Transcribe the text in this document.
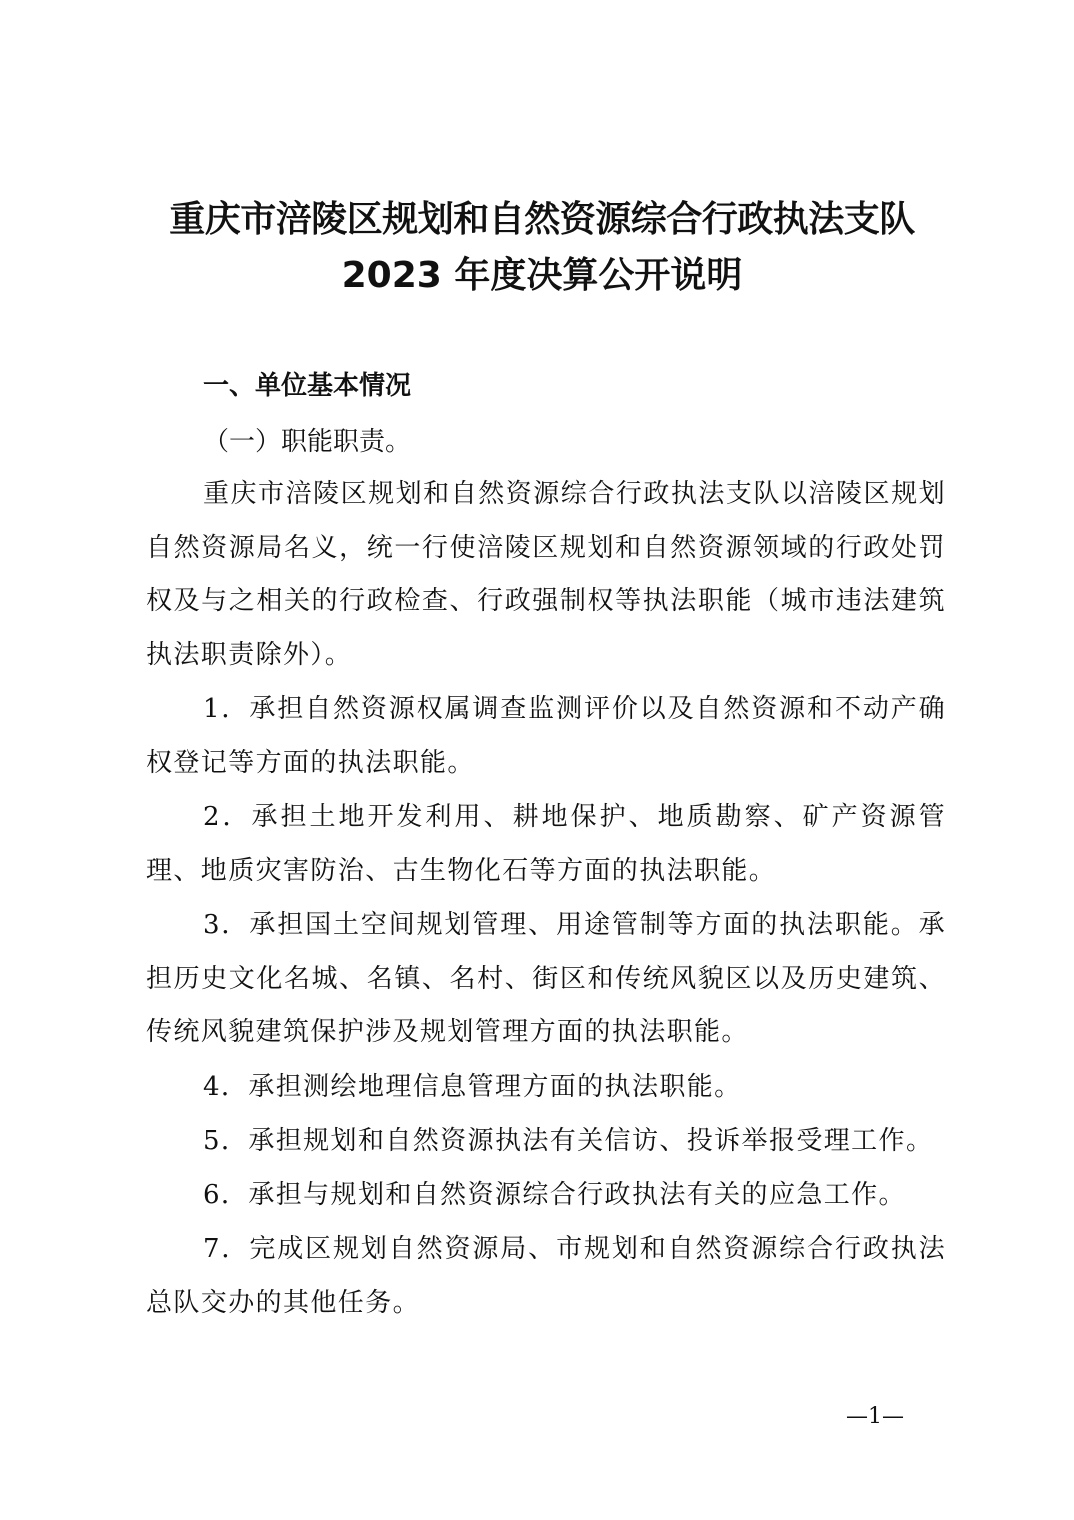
重庆市涪陵区规划和自然资源综合行政执法支队
2023 年度决算公开说明
一、单位基本情况
（一）职能职责。
重庆市涪陵区规划和自然资源综合行政执法支队以涪陵区规划自然资源局名义，统一行使涪陵区规划和自然资源领域的行政处罚权及与之相关的行政检查、行政强制权等执法职能（城市违法建筑执法职责除外）。
1．承担自然资源权属调查监测评价以及自然资源和不动产确权登记等方面的执法职能。
2．承担土地开发利用、耕地保护、地质勘察、矿产资源管理、地质灾害防治、古生物化石等方面的执法职能。
3．承担国土空间规划管理、用途管制等方面的执法职能。承担历史文化名城、名镇、名村、街区和传统风貌区以及历史建筑、传统风貌建筑保护涉及规划管理方面的执法职能。
4．承担测绘地理信息管理方面的执法职能。
5．承担规划和自然资源执法有关信访、投诉举报受理工作。
6．承担与规划和自然资源综合行政执法有关的应急工作。
7．完成区规划自然资源局、市规划和自然资源综合行政执法总队交办的其他任务。
—1—
